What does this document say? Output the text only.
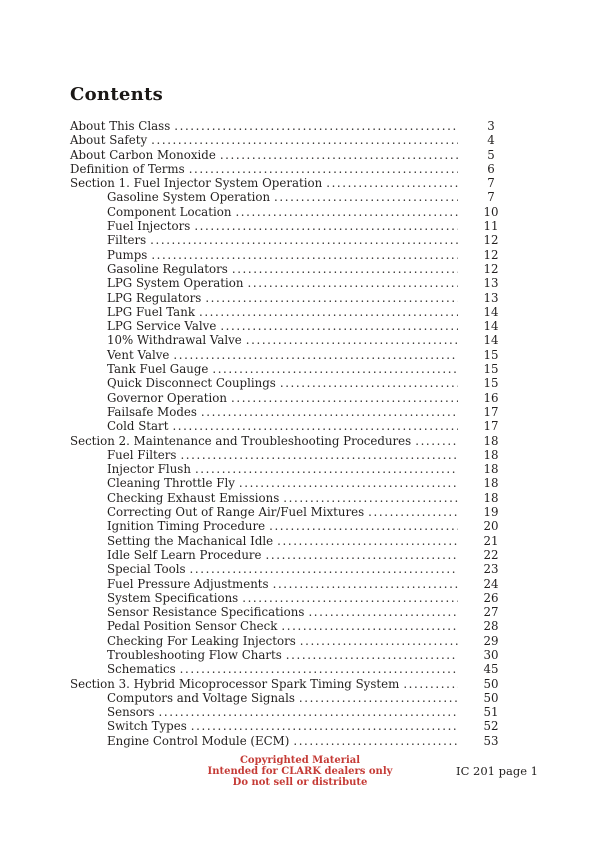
Contents
About This Class .....	3
About Safety .....	4
About Carbon Monoxide .....	5
Definition of Terms .....	6
Section 1. Fuel Injector System Operation .....	7
Gasoline System Operation .....	7
Component Location .....	10
Fuel Injectors .....	11
Filters .....	12
Pumps .....	12
Gasoline Regulators .....	12
LPG System Operation .....	13
LPG Regulators .....	13
LPG Fuel Tank .....	14
LPG Service Valve .....	14
10% Withdrawal Valve .....	14
Vent Valve .....	15
Tank Fuel Gauge .....	15
Quick Disconnect Couplings .....	15
Governor Operation .....	16
Failsafe Modes .....	17
Cold Start .....	17
Section 2. Maintenance and Troubleshooting Procedures .....	18
Fuel Filters .....	18
Injector Flush .....	18
Cleaning Throttle Fly .....	18
Checking Exhaust Emissions .....	18
Correcting Out of Range Air/Fuel Mixtures .....	19
Ignition Timing Procedure .....	20
Setting the Machanical Idle .....	21
Idle Self Learn Procedure .....	22
Special Tools .....	23
Fuel Pressure Adjustments .....	24
System Specifications .....	26
Sensor Resistance Specifications .....	27
Pedal Position Sensor Check .....	28
Checking For Leaking Injectors .....	29
Troubleshooting Flow Charts .....	30
Schematics .....	45
Section 3. Hybrid Micoprocessor Spark Timing System .....	50
Computors and Voltage Signals .....	50
Sensors .....	51
Switch Types .....	52
Engine Control Module (ECM) .....	53
Copyrighted Material
Intended for CLARK dealers only
Do not sell or distribute
IC 201 page 1
